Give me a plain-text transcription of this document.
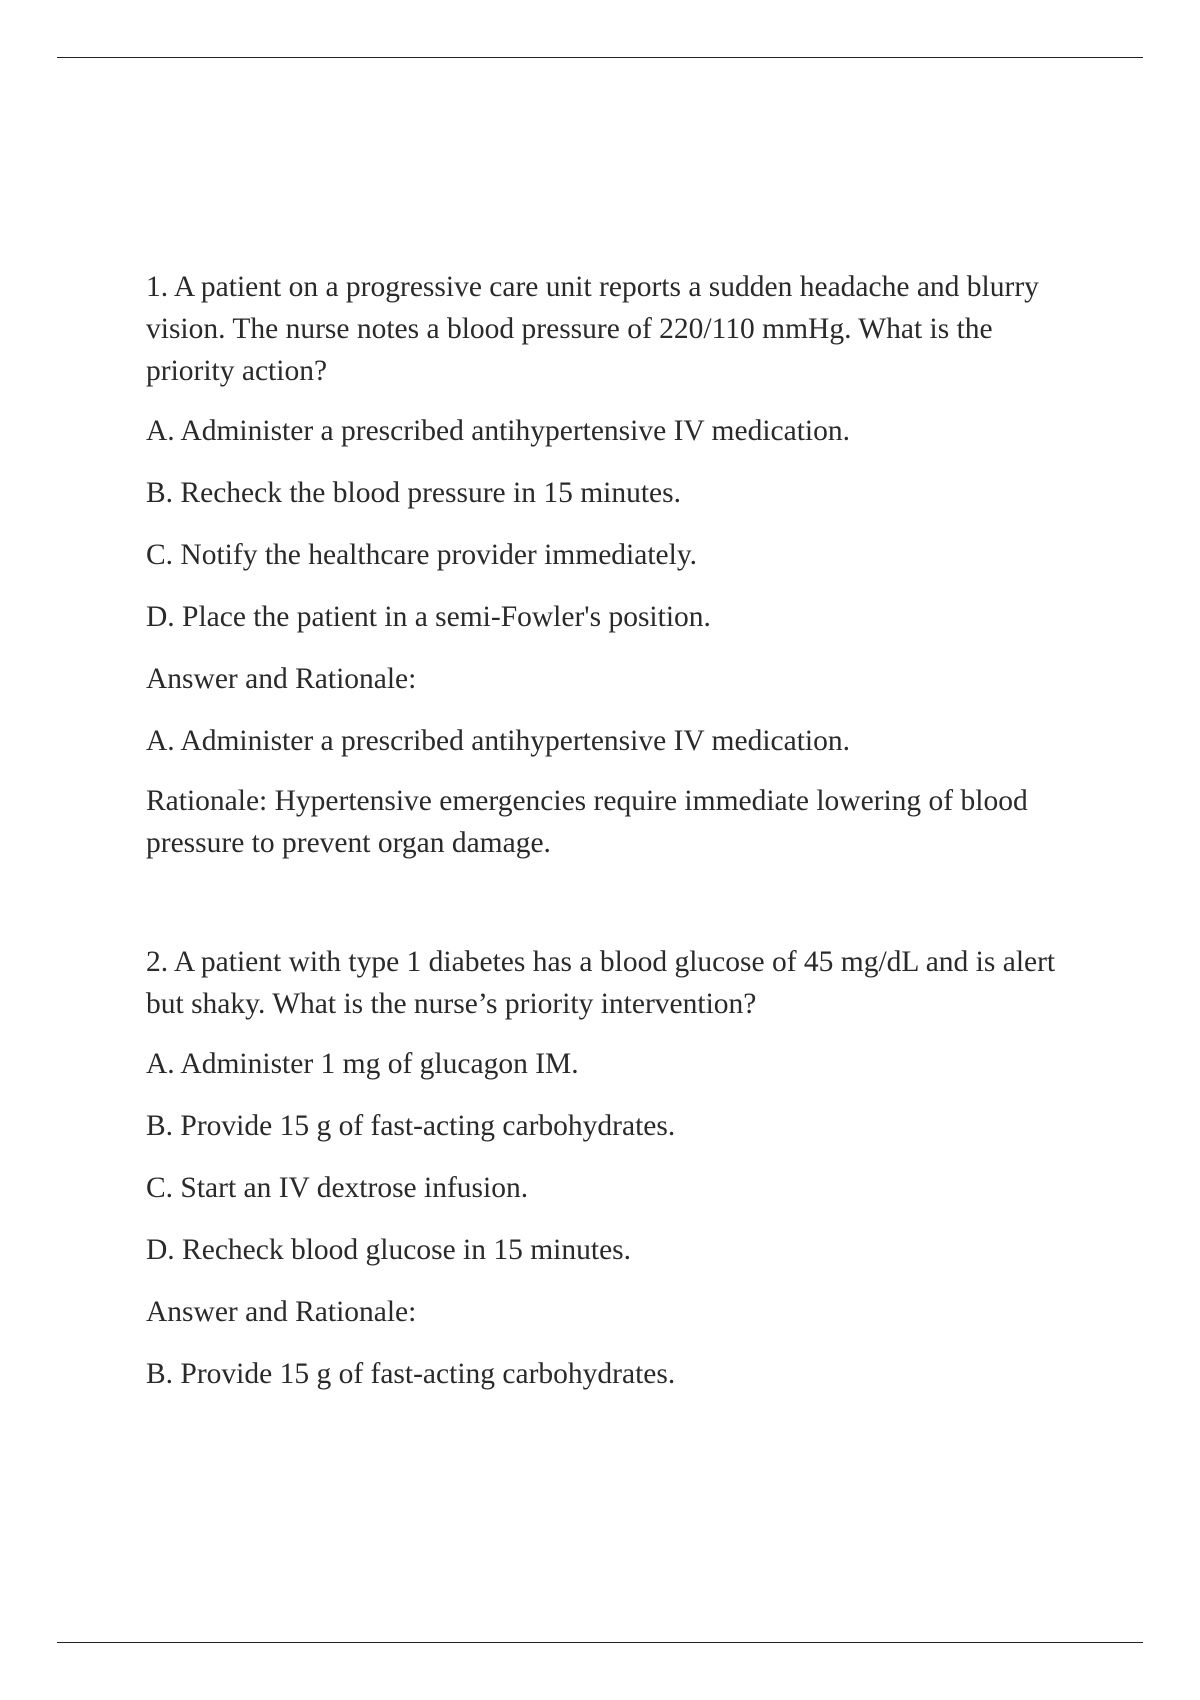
1. A patient on a progressive care unit reports a sudden headache and blurry vision. The nurse notes a blood pressure of 220/110 mmHg. What is the priority action?

A. Administer a prescribed antihypertensive IV medication.

B. Recheck the blood pressure in 15 minutes.

C. Notify the healthcare provider immediately.

D. Place the patient in a semi-Fowler's position.

Answer and Rationale:

A. Administer a prescribed antihypertensive IV medication.

Rationale: Hypertensive emergencies require immediate lowering of blood pressure to prevent organ damage.

2. A patient with type 1 diabetes has a blood glucose of 45 mg/dL and is alert but shaky. What is the nurse’s priority intervention?

A. Administer 1 mg of glucagon IM.

B. Provide 15 g of fast-acting carbohydrates.

C. Start an IV dextrose infusion.

D. Recheck blood glucose in 15 minutes.

Answer and Rationale:

B. Provide 15 g of fast-acting carbohydrates.
